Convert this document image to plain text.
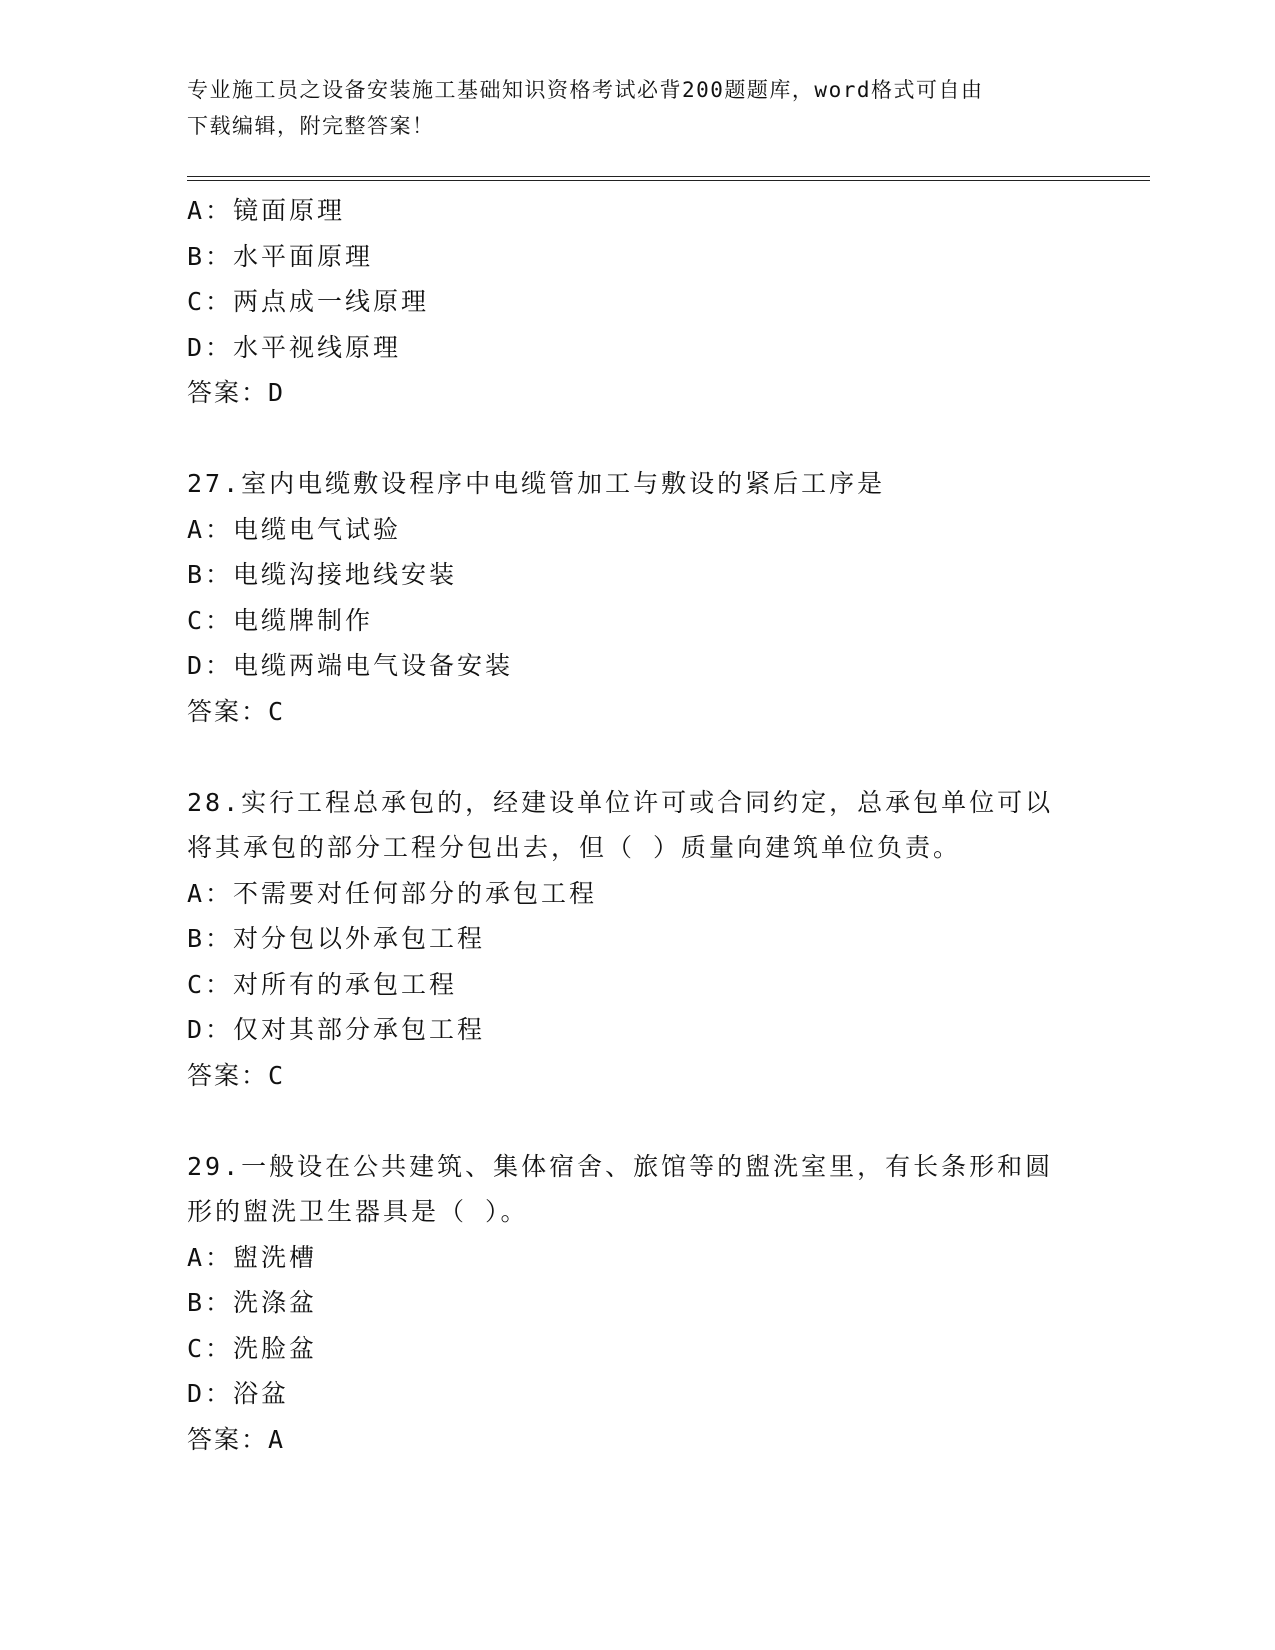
专业施工员之设备安装施工基础知识资格考试必背200题题库，word格式可自由
下载编辑，附完整答案！
A：镜面原理
B：水平面原理
C：两点成一线原理
D：水平视线原理
答案：D
27.室内电缆敷设程序中电缆管加工与敷设的紧后工序是
A：电缆电气试验
B：电缆沟接地线安装
C：电缆牌制作
D：电缆两端电气设备安装
答案：C
28.实行工程总承包的，经建设单位许可或合同约定，总承包单位可以
将其承包的部分工程分包出去，但（ ）质量向建筑单位负责。
A：不需要对任何部分的承包工程
B：对分包以外承包工程
C：对所有的承包工程
D：仅对其部分承包工程
答案：C
29.一般设在公共建筑、集体宿舍、旅馆等的盥洗室里，有长条形和圆
形的盥洗卫生器具是（ ）。
A：盥洗槽
B：洗涤盆
C：洗脸盆
D：浴盆
答案：A
